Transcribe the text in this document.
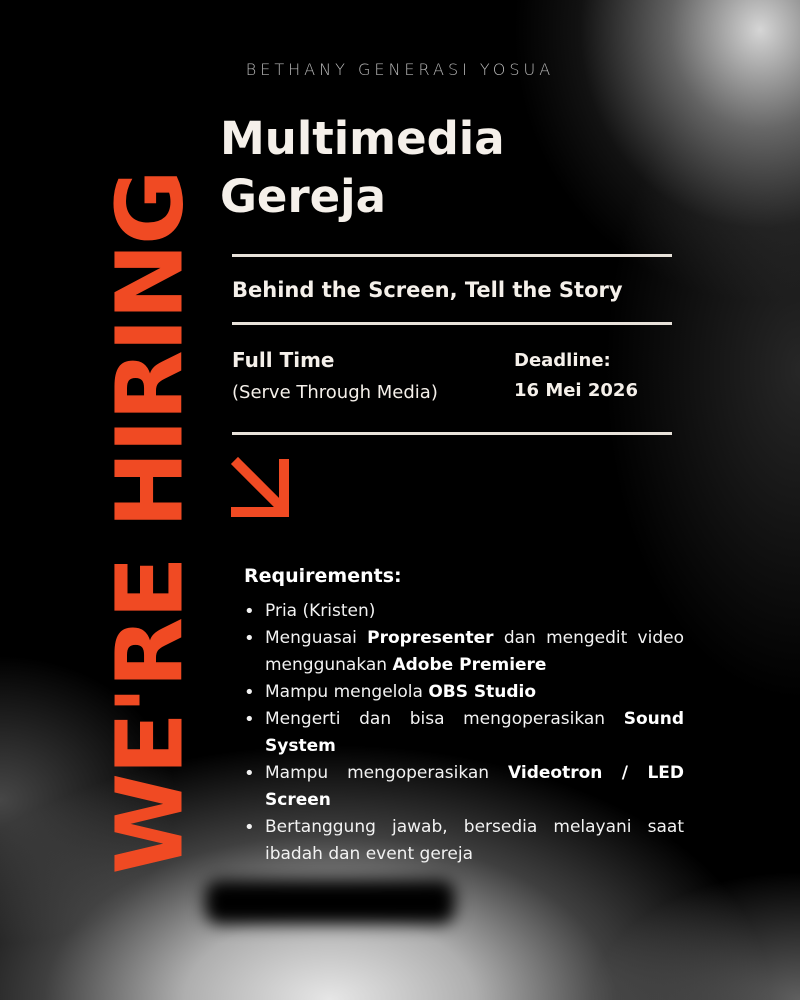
BETHANY GENERASI YOSUA
WE'RE HIRING
Multimedia
Gereja
Behind the Screen, Tell the Story
Full Time
(Serve Through Media)
Deadline:
16 Mei 2026
Requirements:
• Pria (Kristen)
• Menguasai Propresenter dan mengedit video menggunakan Adobe Premiere
• Mampu mengelola OBS Studio
• Mengerti dan bisa mengoperasikan Sound System
• Mampu mengoperasikan Videotron / LED Screen
• Bertanggung jawab, bersedia melayani saat ibadah dan event gereja
